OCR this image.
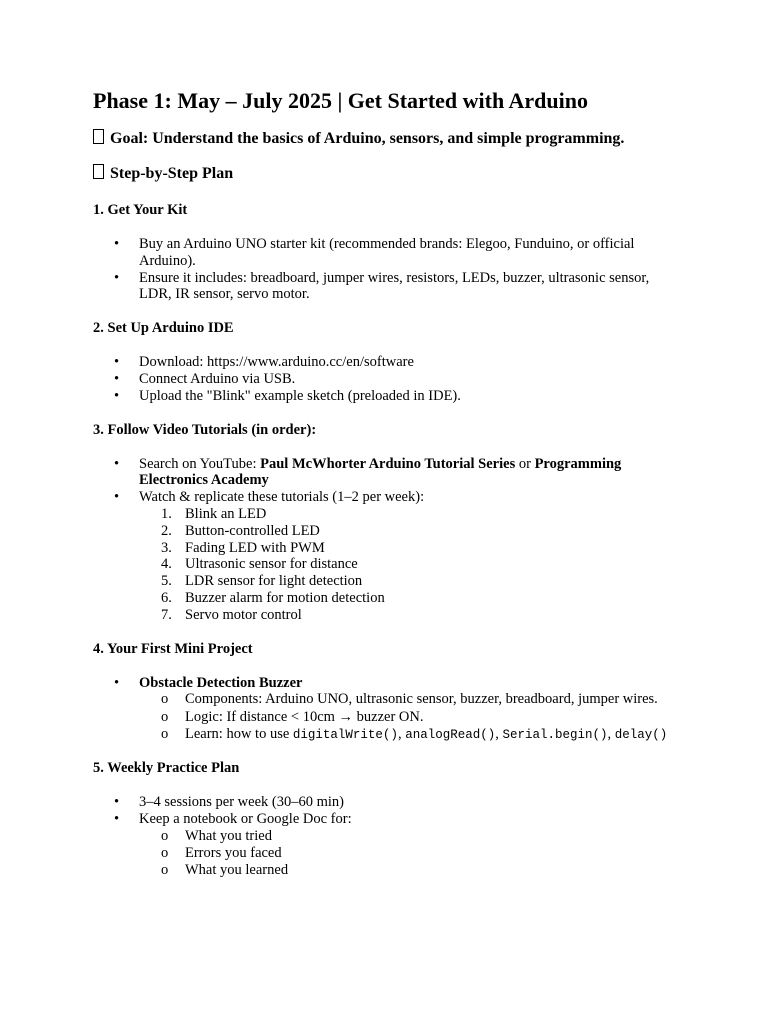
Phase 1: May – July 2025 | Get Started with Arduino

Goal: Understand the basics of Arduino, sensors, and simple programming.

Step-by-Step Plan

1. Get Your Kit
• Buy an Arduino UNO starter kit (recommended brands: Elegoo, Funduino, or official Arduino).
• Ensure it includes: breadboard, jumper wires, resistors, LEDs, buzzer, ultrasonic sensor, LDR, IR sensor, servo motor.
2. Set Up Arduino IDE
• Download: https://www.arduino.cc/en/software
• Connect Arduino via USB.
• Upload the "Blink" example sketch (preloaded in IDE).
3. Follow Video Tutorials (in order):
• Search on YouTube: Paul McWhorter Arduino Tutorial Series or Programming Electronics Academy
• Watch & replicate these tutorials (1–2 per week):
1. Blink an LED
2. Button-controlled LED
3. Fading LED with PWM
4. Ultrasonic sensor for distance
5. LDR sensor for light detection
6. Buzzer alarm for motion detection
7. Servo motor control
4. Your First Mini Project
• Obstacle Detection Buzzer
o Components: Arduino UNO, ultrasonic sensor, buzzer, breadboard, jumper wires.
o Logic: If distance < 10cm → buzzer ON.
o Learn: how to use digitalWrite(), analogRead(), Serial.begin(), delay()
5. Weekly Practice Plan
• 3–4 sessions per week (30–60 min)
• Keep a notebook or Google Doc for:
o What you tried
o Errors you faced
o What you learned
